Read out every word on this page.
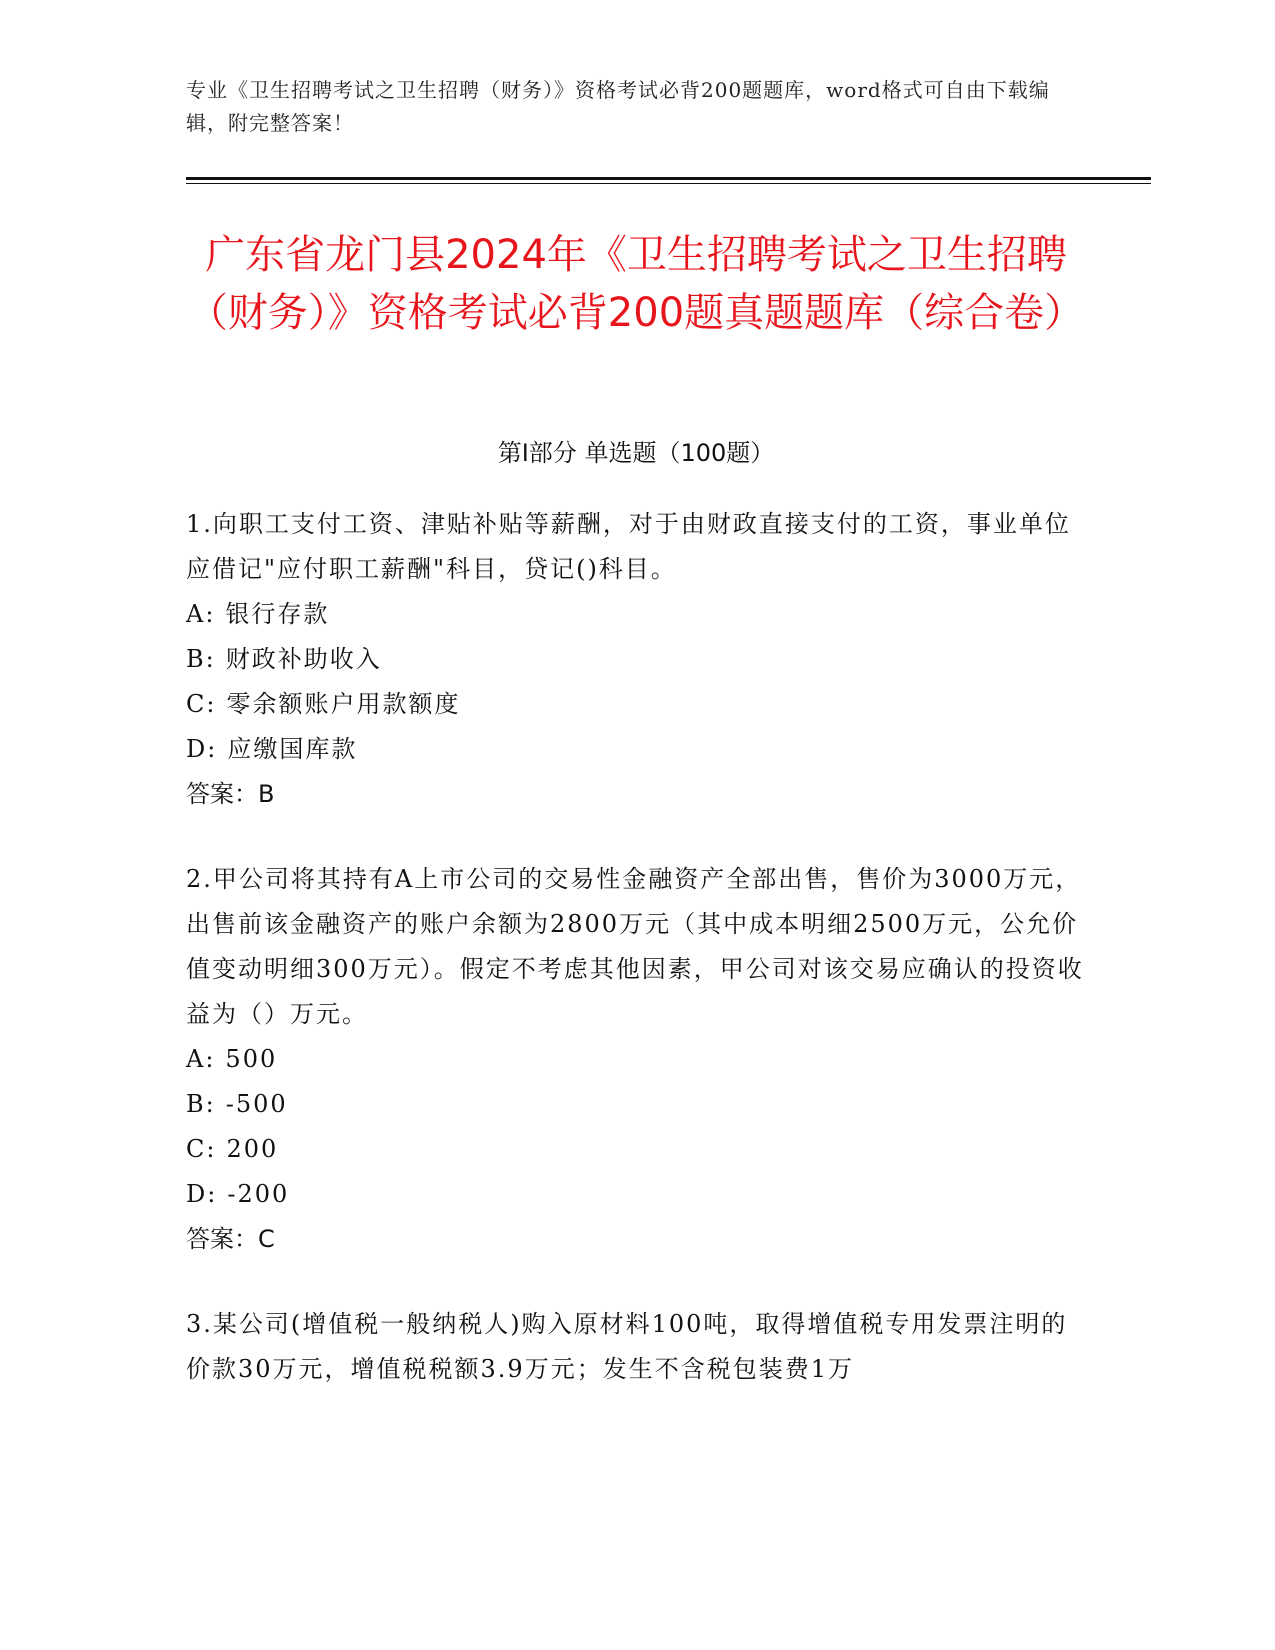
专业《卫生招聘考试之卫生招聘（财务）》资格考试必背200题题库，word格式可自由下载编辑，附完整答案！
广东省龙门县2024年《卫生招聘考试之卫生招聘（财务）》资格考试必背200题真题题库（综合卷）
第Ⅰ部分 单选题（100题）

1.向职工支付工资、津贴补贴等薪酬，对于由财政直接支付的工资，事业单位应借记"应付职工薪酬"科目，贷记()科目。

A: 银行存款

B: 财政补助收入

C: 零余额账户用款额度

D: 应缴国库款

答案：B

2.甲公司将其持有A上市公司的交易性金融资产全部出售，售价为3000万元，出售前该金融资产的账户余额为2800万元（其中成本明细2500万元，公允价值变动明细300万元）。假定不考虑其他因素，甲公司对该交易应确认的投资收益为（）万元。

A: 500

B: -500

C: 200

D: -200

答案：C

3.某公司(增值税一般纳税人)购入原材料100吨，取得增值税专用发票注明的价款30万元，增值税税额3.9万元；发生不含税包装费1万
